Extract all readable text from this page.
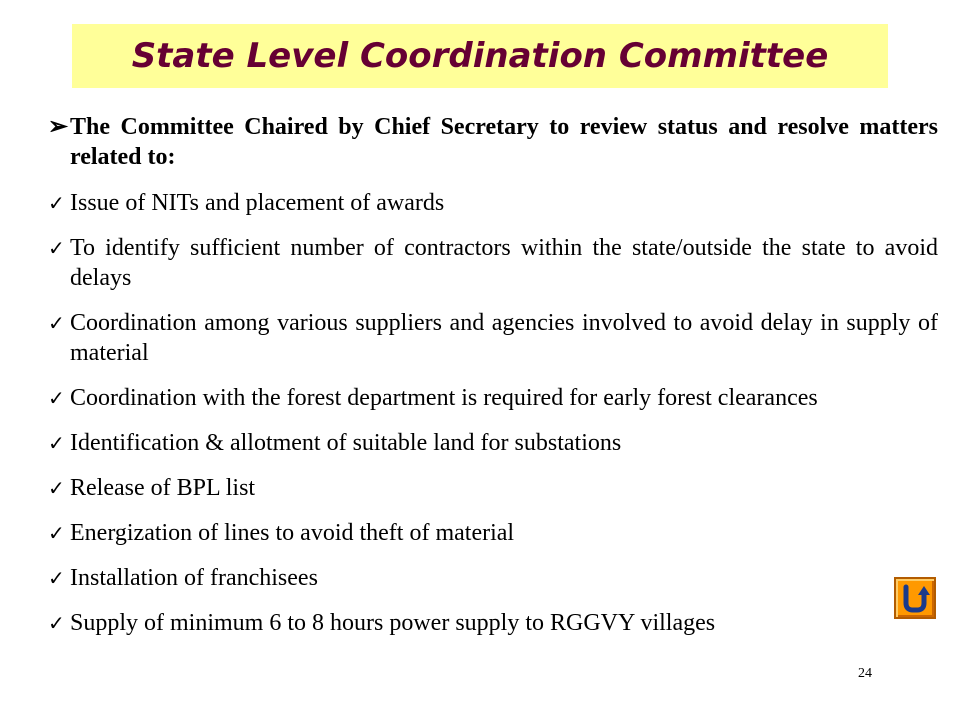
State Level Coordination Committee
➢ The Committee Chaired by Chief Secretary to review status and resolve matters related to:
✓ Issue of NITs and placement of awards
✓ To identify sufficient number of contractors within the state/outside the state to avoid delays
✓ Coordination among various suppliers and agencies involved to avoid delay in supply of material
✓ Coordination with the forest department is required for early forest clearances
✓ Identification & allotment of suitable land for substations
✓ Release of BPL list
✓ Energization of lines to avoid theft of material
✓ Installation of franchisees
✓ Supply of minimum 6 to 8 hours power supply to RGGVY villages
24
